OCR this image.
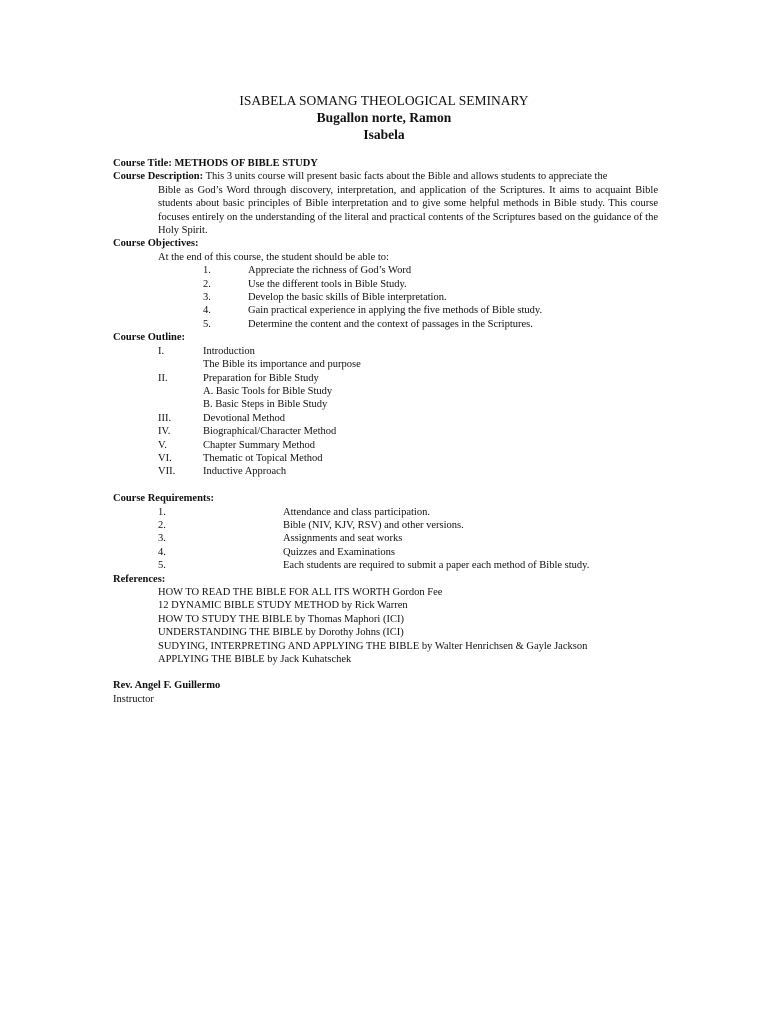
ISABELA SOMANG THEOLOGICAL SEMINARY
Bugallon norte, Ramon
Isabela
Course Title: METHODS OF BIBLE STUDY
Course Description: This 3 units course will present basic facts about the Bible and allows students to appreciate the
Bible as God’s Word through discovery, interpretation, and application of the Scriptures. It aims to acquaint Bible students about basic principles of Bible interpretation and to give some helpful methods in Bible study. This course focuses entirely on the understanding of the literal and practical contents of the Scriptures based on the guidance of the Holy Spirit.
Course Objectives:
At the end of this course, the student should be able to:
1.	Appreciate the richness of God’s Word
2.	Use the different tools in Bible Study.
3.	Develop the basic skills of Bible interpretation.
4.	Gain practical experience in applying the five methods of Bible study.
5.	Determine the content and the context of passages in the Scriptures.
Course Outline:
I.	Introduction
The Bible its importance and purpose
II.	Preparation for Bible Study
A. Basic Tools for Bible Study
B. Basic Steps in Bible Study
III.	Devotional Method
IV.	Biographical/Character Method
V.	Chapter Summary Method
VI.	Thematic ot Topical Method
VII.	Inductive Approach
Course Requirements:
1.	Attendance and class participation.
2.	Bible (NIV, KJV, RSV) and other versions.
3.	Assignments and seat works
4.	Quizzes and Examinations
5.	Each students are required to submit a paper each method of Bible study.
References:
HOW TO READ THE BIBLE FOR ALL ITS WORTH Gordon Fee
12 DYNAMIC BIBLE STUDY METHOD by Rick Warren
HOW TO STUDY THE BIBLE by Thomas Maphori (ICI)
UNDERSTANDING THE BIBLE by Dorothy Johns (ICI)
SUDYING, INTERPRETING AND APPLYING THE BIBLE by Walter Henrichsen & Gayle Jackson
APPLYING THE BIBLE by Jack Kuhatschek
Rev. Angel F. Guillermo
Instructor
